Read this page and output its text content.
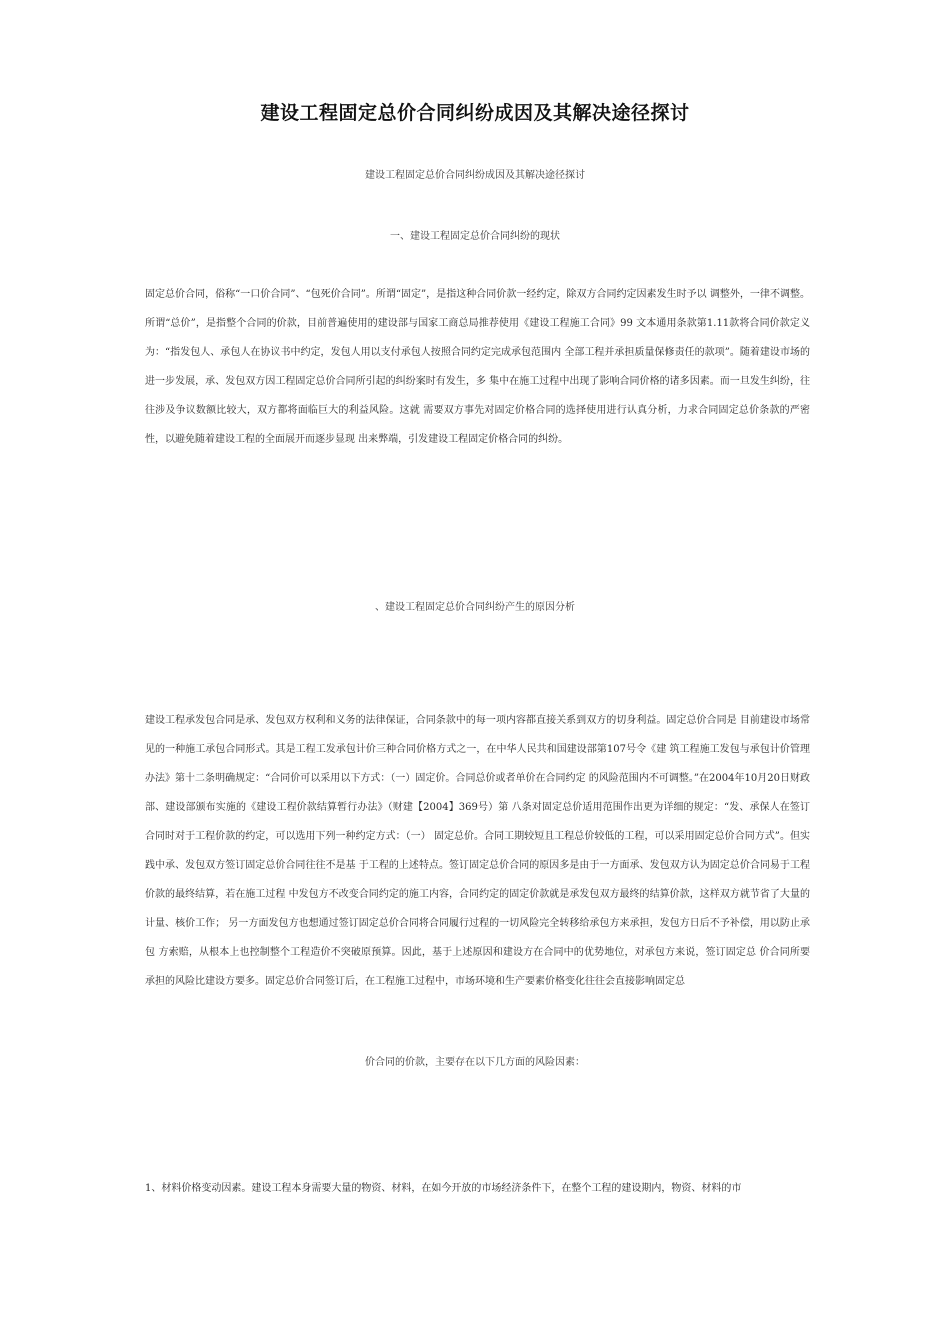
建设工程固定总价合同纠纷成因及其解决途径探讨

建设工程固定总价合同纠纷成因及其解决途径探讨

一、建设工程固定总价合同纠纷的现状

固定总价合同，俗称“一口价合同”、“包死价合同”。所谓“固定”，是指这种合同价款一经约定，除双方合同约定因素发生时予以 调整外，一律不调整。所谓“总价”，是指整个合同的价款，目前普遍使用的建设部与国家工商总局推荐使用《建设工程施工合同》99 文本通用条款第1.11款将合同价款定义为：“指发包人、承包人在协议书中约定，发包人用以支付承包人按照合同约定完成承包范围内 全部工程并承担质量保修责任的款项”。随着建设市场的进一步发展，承、发包双方因工程固定总价合同所引起的纠纷案时有发生，多 集中在施工过程中出现了影响合同价格的诸多因素。而一旦发生纠纷，往往涉及争议数额比较大，双方都将面临巨大的利益风险。这就 需要双方事先对固定价格合同的选择使用进行认真分析，力求合同固定总价条款的严密性，以避免随着建设工程的全面展开而逐步显现 出来弊端，引发建设工程固定价格合同的纠纷。

、建设工程固定总价合同纠纷产生的原因分析

建设工程承发包合同是承、发包双方权利和义务的法律保证，合同条款中的每一项内容都直接关系到双方的切身利益。固定总价合同是 目前建设市场常见的一种施工承包合同形式。其是工程工发承包计价三种合同价格方式之一，在中华人民共和国建设部第107号令《建 筑工程施工发包与承包计价管理办法》第十二条明确规定：“合同价可以采用以下方式：（一）固定价。合同总价或者单价在合同约定 的风险范围内不可调整。”在2004年10月20日财政部、建设部颁布实施的《建设工程价款结算暂行办法》（财建【2004】369号）第 八条对固定总价适用范围作出更为详细的规定：“发、承保人在签订合同时对于工程价款的约定，可以选用下列一种约定方式：（一） 固定总价。合同工期较短且工程总价较低的工程，可以采用固定总价合同方式”。但实践中承、发包双方签订固定总价合同往往不是基 于工程的上述特点。签订固定总价合同的原因多是由于一方面承、发包双方认为固定总价合同易于工程价款的最终结算，若在施工过程 中发包方不改变合同约定的施工内容，合同约定的固定价款就是承发包双方最终的结算价款，这样双方就节省了大量的计量、核价工作； 另一方面发包方也想通过签订固定总价合同将合同履行过程的一切风险完全转移给承包方来承担，发包方日后不予补偿，用以防止承包 方索赔，从根本上也控制整个工程造价不突破原预算。因此，基于上述原因和建设方在合同中的优势地位，对承包方来说，签订固定总 价合同所要承担的风险比建设方要多。固定总价合同签订后，在工程施工过程中，市场环境和生产要素价格变化往往会直接影响固定总

价合同的价款，主要存在以下几方面的风险因素：

1、材料价格变动因素。建设工程本身需要大量的物资、材料，在如今开放的市场经济条件下，在整个工程的建设期内，物资、材料的市
